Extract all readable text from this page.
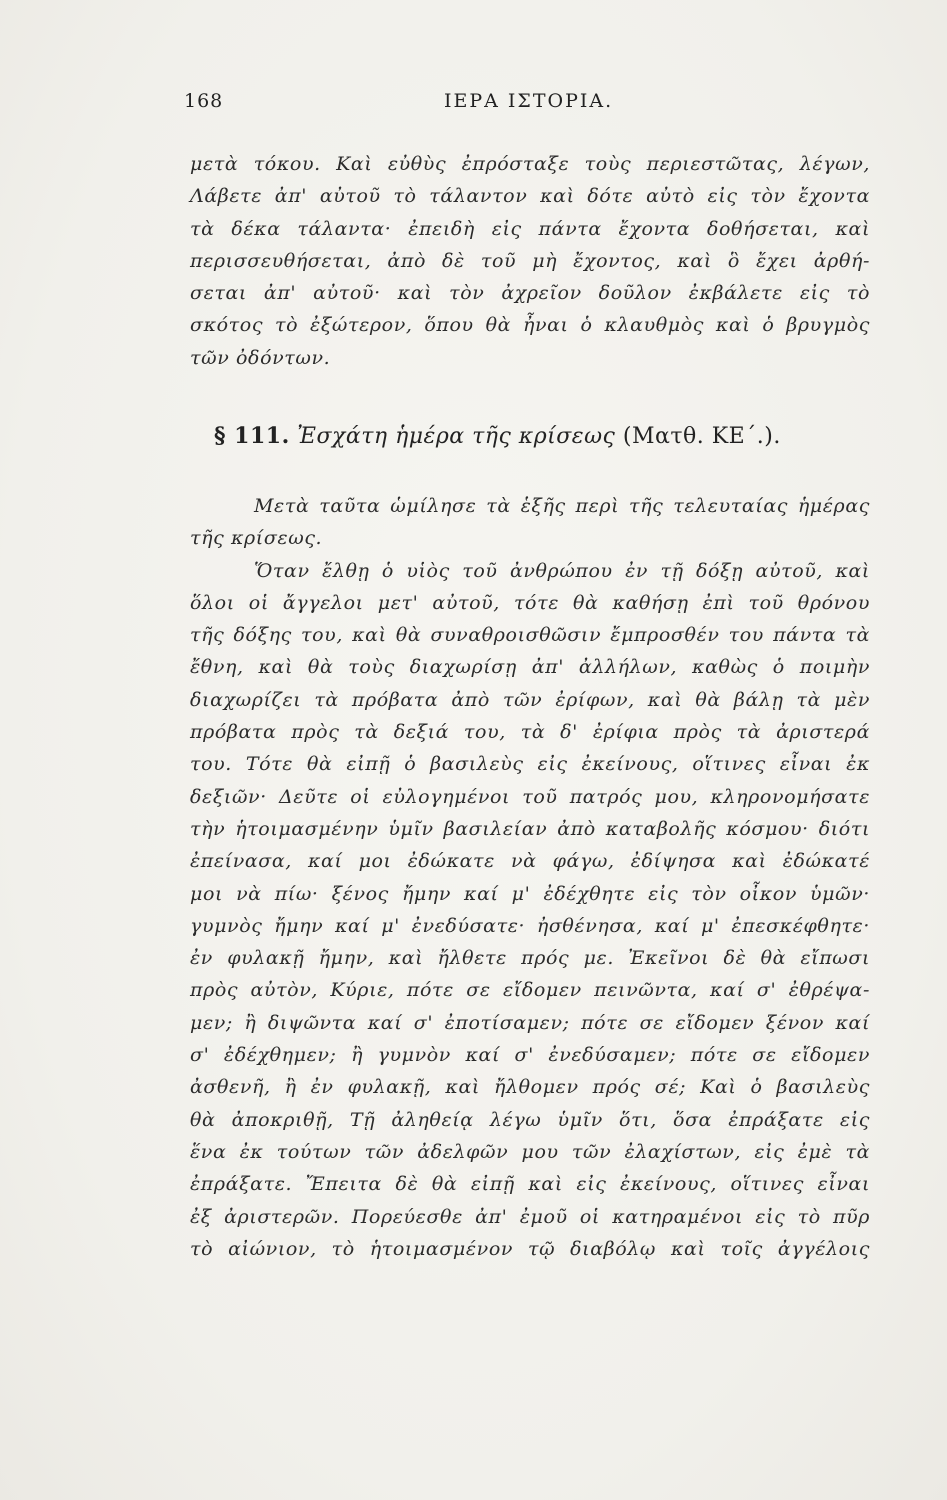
168	ΙΕΡΑ ΙΣΤΟΡΙΑ.
μετὰ τόκου. Καὶ εὐθὺς ἐπρόσταξε τοὺς περιεστῶτας, λέγων,
Λάβετε ἀπ' αὐτοῦ τὸ τάλαντον καὶ δότε αὐτὸ εἰς τὸν ἔχοντα
τὰ δέκα τάλαντα· ἐπειδὴ εἰς πάντα ἔχοντα δοθήσεται, καὶ
περισσευθήσεται, ἀπὸ δὲ τοῦ μὴ ἔχοντος, καὶ ὃ ἔχει ἀρθή-
σεται ἀπ' αὐτοῦ· καὶ τὸν ἀχρεῖον δοῦλον ἐκβάλετε εἰς τὸ
σκότος τὸ ἐξώτερον, ὅπου θὰ ἦναι ὁ κλαυθμὸς καὶ ὁ βρυγμὸς
τῶν ὀδόντων.
§ 111. Ἐσχάτη ἡμέρα τῆς κρίσεως (Ματθ. ΚΕ΄.).
Μετὰ ταῦτα ὡμίλησε τὰ ἑξῆς περὶ τῆς τελευταίας ἡμέρας
τῆς κρίσεως.
Ὅταν ἔλθῃ ὁ υἱὸς τοῦ ἀνθρώπου ἐν τῇ δόξῃ αὐτοῦ, καὶ
ὅλοι οἱ ἄγγελοι μετ' αὐτοῦ, τότε θὰ καθήσῃ ἐπὶ τοῦ θρόνου
τῆς δόξης του, καὶ θὰ συναθροισθῶσιν ἔμπροσθέν του πάντα τὰ
ἔθνη, καὶ θὰ τοὺς διαχωρίσῃ ἀπ' ἀλλήλων, καθὼς ὁ ποιμὴν
διαχωρίζει τὰ πρόβατα ἀπὸ τῶν ἐρίφων, καὶ θὰ βάλῃ τὰ μὲν
πρόβατα πρὸς τὰ δεξιά του, τὰ δ' ἐρίφια πρὸς τὰ ἀριστερά
του. Τότε θὰ εἰπῇ ὁ βασιλεὺς εἰς ἐκείνους, οἵτινες εἶναι ἐκ
δεξιῶν· Δεῦτε οἱ εὐλογημένοι τοῦ πατρός μου, κληρονομήσατε
τὴν ἡτοιμασμένην ὑμῖν βασιλείαν ἀπὸ καταβολῆς κόσμου· διότι
ἐπείνασα, καί μοι ἐδώκατε νὰ φάγω, ἐδίψησα καὶ ἐδώκατέ
μοι νὰ πίω· ξένος ἤμην καί μ' ἐδέχθητε εἰς τὸν οἶκον ὑμῶν·
γυμνὸς ἤμην καί μ' ἐνεδύσατε· ἠσθένησα, καί μ' ἐπεσκέφθητε·
ἐν φυλακῇ ἤμην, καὶ ἤλθετε πρός με. Ἐκεῖνοι δὲ θὰ εἴπωσι
πρὸς αὐτὸν, Κύριε, πότε σε εἴδομεν πεινῶντα, καί σ' ἐθρέψα-
μεν; ἢ διψῶντα καί σ' ἐποτίσαμεν; πότε σε εἴδομεν ξένον καί
σ' ἐδέχθημεν; ἢ γυμνὸν καί σ' ἐνεδύσαμεν; πότε σε εἴδομεν
ἀσθενῆ, ἢ ἐν φυλακῇ, καὶ ἤλθομεν πρός σέ; Καὶ ὁ βασιλεὺς
θὰ ἀποκριθῇ, Τῇ ἀληθείᾳ λέγω ὑμῖν ὅτι, ὅσα ἐπράξατε εἰς
ἕνα ἐκ τούτων τῶν ἀδελφῶν μου τῶν ἐλαχίστων, εἰς ἐμὲ τὰ
ἐπράξατε. Ἔπειτα δὲ θὰ εἰπῇ καὶ εἰς ἐκείνους, οἵτινες εἶναι
ἐξ ἀριστερῶν. Πορεύεσθε ἀπ' ἐμοῦ οἱ κατηραμένοι εἰς τὸ πῦρ
τὸ αἰώνιον, τὸ ἡτοιμασμένον τῷ διαβόλῳ καὶ τοῖς ἀγγέλοις
